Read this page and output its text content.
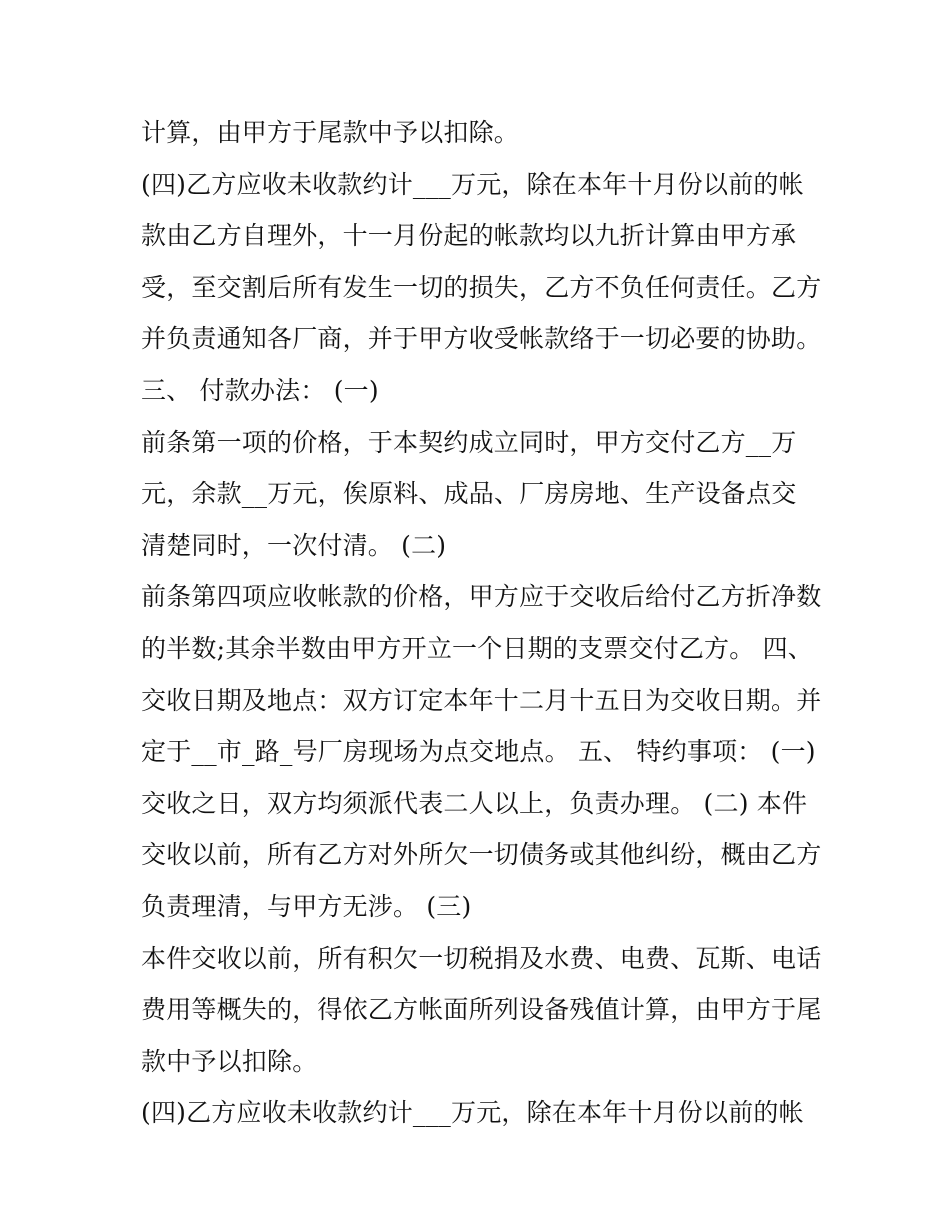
计算，由甲方于尾款中予以扣除。
(四)乙方应收未收款约计___万元，除在本年十月份以前的帐
款由乙方自理外，十一月份起的帐款均以九折计算由甲方承
受，至交割后所有发生一切的损失，乙方不负任何责任。乙方
并负责通知各厂商，并于甲方收受帐款络于一切必要的协助。
三、 付款办法： (一)
前条第一项的价格，于本契约成立同时，甲方交付乙方__万
元，余款__万元，俟原料、成品、厂房房地、生产设备点交
清楚同时，一次付清。 (二)
前条第四项应收帐款的价格，甲方应于交收后给付乙方折净数
的半数;其余半数由甲方开立一个日期的支票交付乙方。 四、
交收日期及地点：双方订定本年十二月十五日为交收日期。并
定于__市_路_号厂房现场为点交地点。 五、 特约事项： (一)
交收之日，双方均须派代表二人以上，负责办理。 (二) 本件
交收以前，所有乙方对外所欠一切债务或其他纠纷，概由乙方
负责理清，与甲方无涉。 (三)
本件交收以前，所有积欠一切税捐及水费、电费、瓦斯、电话
费用等概失的，得依乙方帐面所列设备残值计算，由甲方于尾
款中予以扣除。
(四)乙方应收未收款约计___万元，除在本年十月份以前的帐
